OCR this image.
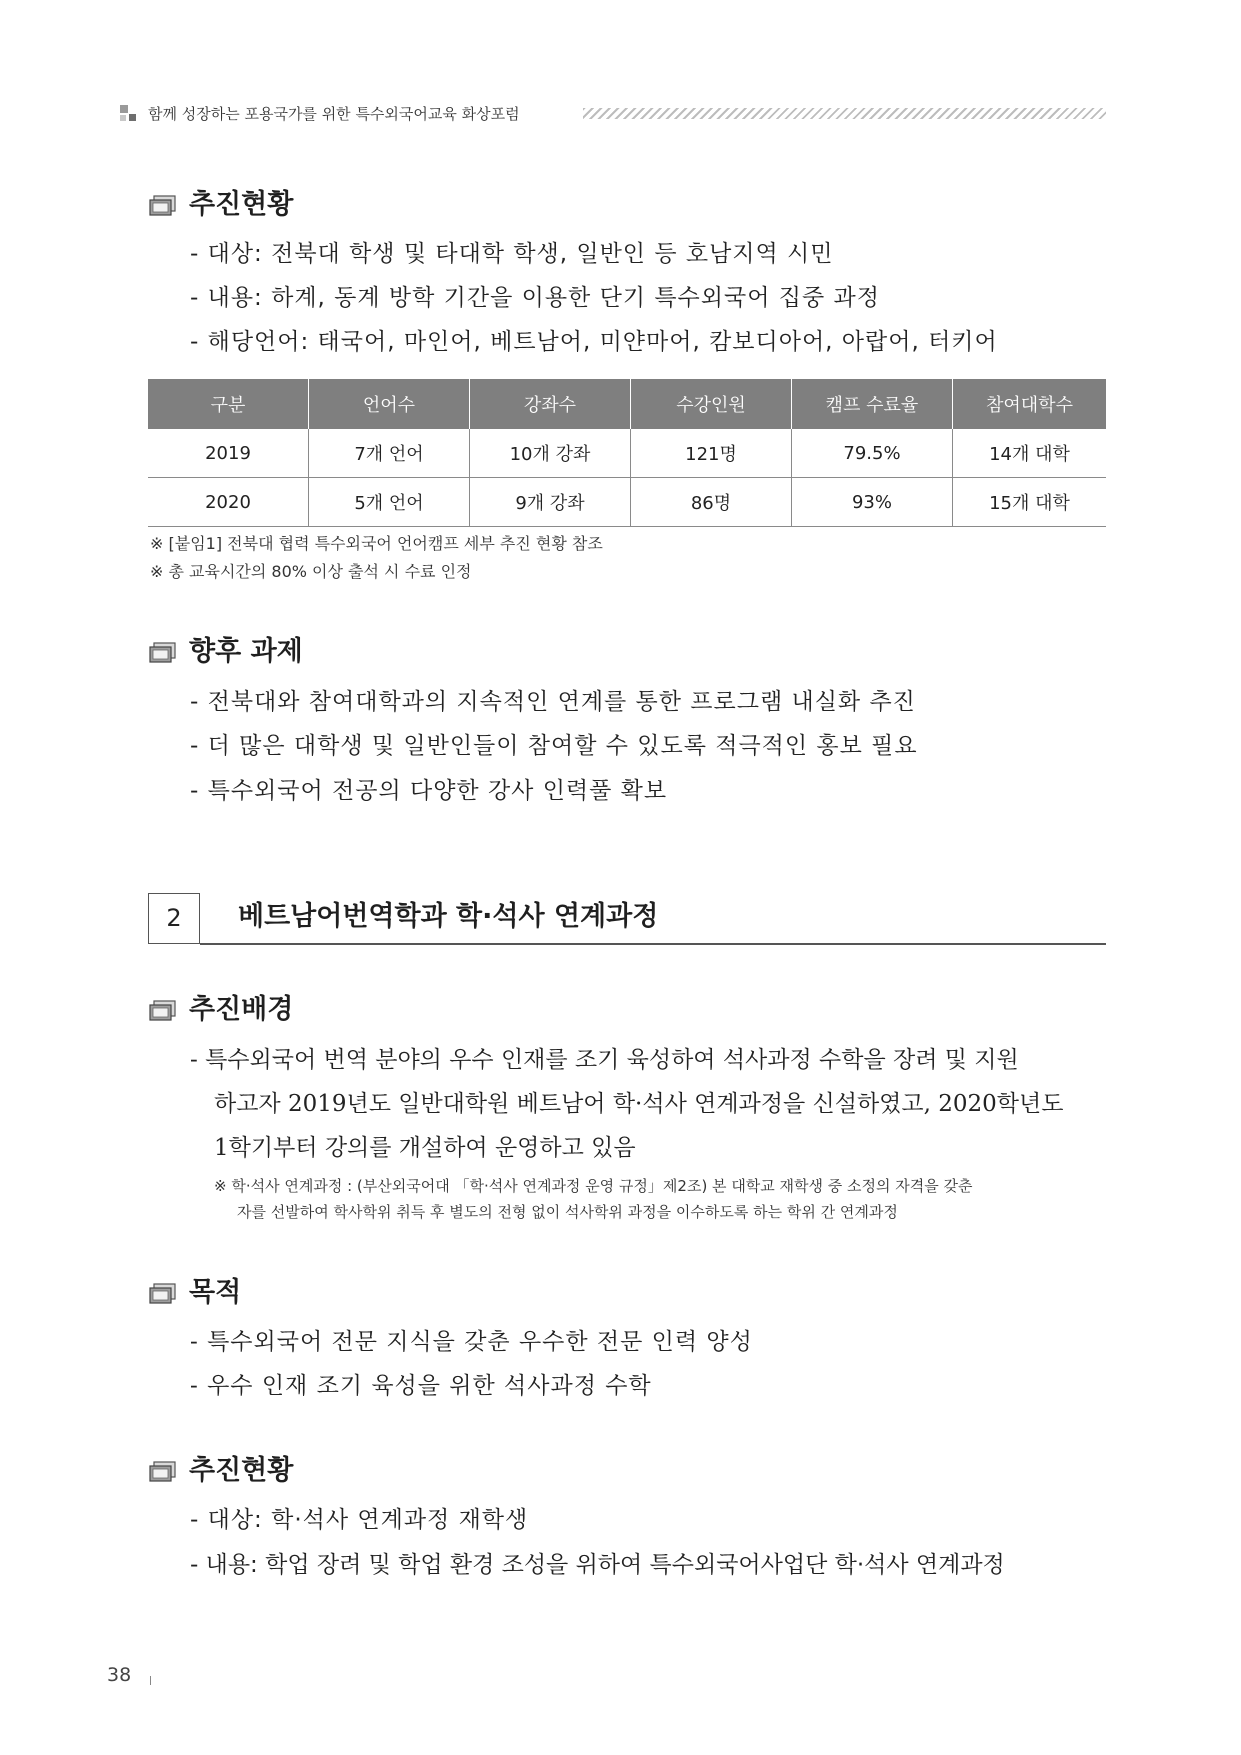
함께 성장하는 포용국가를 위한 특수외국어교육 화상포럼
추진현황
- 대상: 전북대 학생 및 타대학 학생, 일반인 등 호남지역 시민
- 내용: 하계, 동계 방학 기간을 이용한 단기 특수외국어 집중 과정
- 해당언어: 태국어, 마인어, 베트남어, 미얀마어, 캄보디아어, 아랍어, 터키어
구분	언어수	강좌수	수강인원	캠프 수료율	참여대학수
2019	7개 언어	10개 강좌	121명	79.5%	14개 대학
2020	5개 언어	9개 강좌	86명	93%	15개 대학
※ [붙임1] 전북대 협력 특수외국어 언어캠프 세부 추진 현황 참조
※ 총 교육시간의 80% 이상 출석 시 수료 인정
향후 과제
- 전북대와 참여대학과의 지속적인 연계를 통한 프로그램 내실화 추진
- 더 많은 대학생 및 일반인들이 참여할 수 있도록 적극적인 홍보 필요
- 특수외국어 전공의 다양한 강사 인력풀 확보
2	베트남어번역학과 학·석사 연계과정
추진배경
- 특수외국어 번역 분야의 우수 인재를 조기 육성하여 석사과정 수학을 장려 및 지원
하고자 2019년도 일반대학원 베트남어 학·석사 연계과정을 신설하였고, 2020학년도
1학기부터 강의를 개설하여 운영하고 있음
※ 학·석사 연계과정 : (부산외국어대 「학·석사 연계과정 운영 규정」제2조) 본 대학교 재학생 중 소정의 자격을 갖춘
자를 선발하여 학사학위 취득 후 별도의 전형 없이 석사학위 과정을 이수하도록 하는 학위 간 연계과정
목적
- 특수외국어 전문 지식을 갖춘 우수한 전문 인력 양성
- 우수 인재 조기 육성을 위한 석사과정 수학
추진현황
- 대상: 학·석사 연계과정 재학생
- 내용: 학업 장려 및 학업 환경 조성을 위하여 특수외국어사업단 학·석사 연계과정
38
